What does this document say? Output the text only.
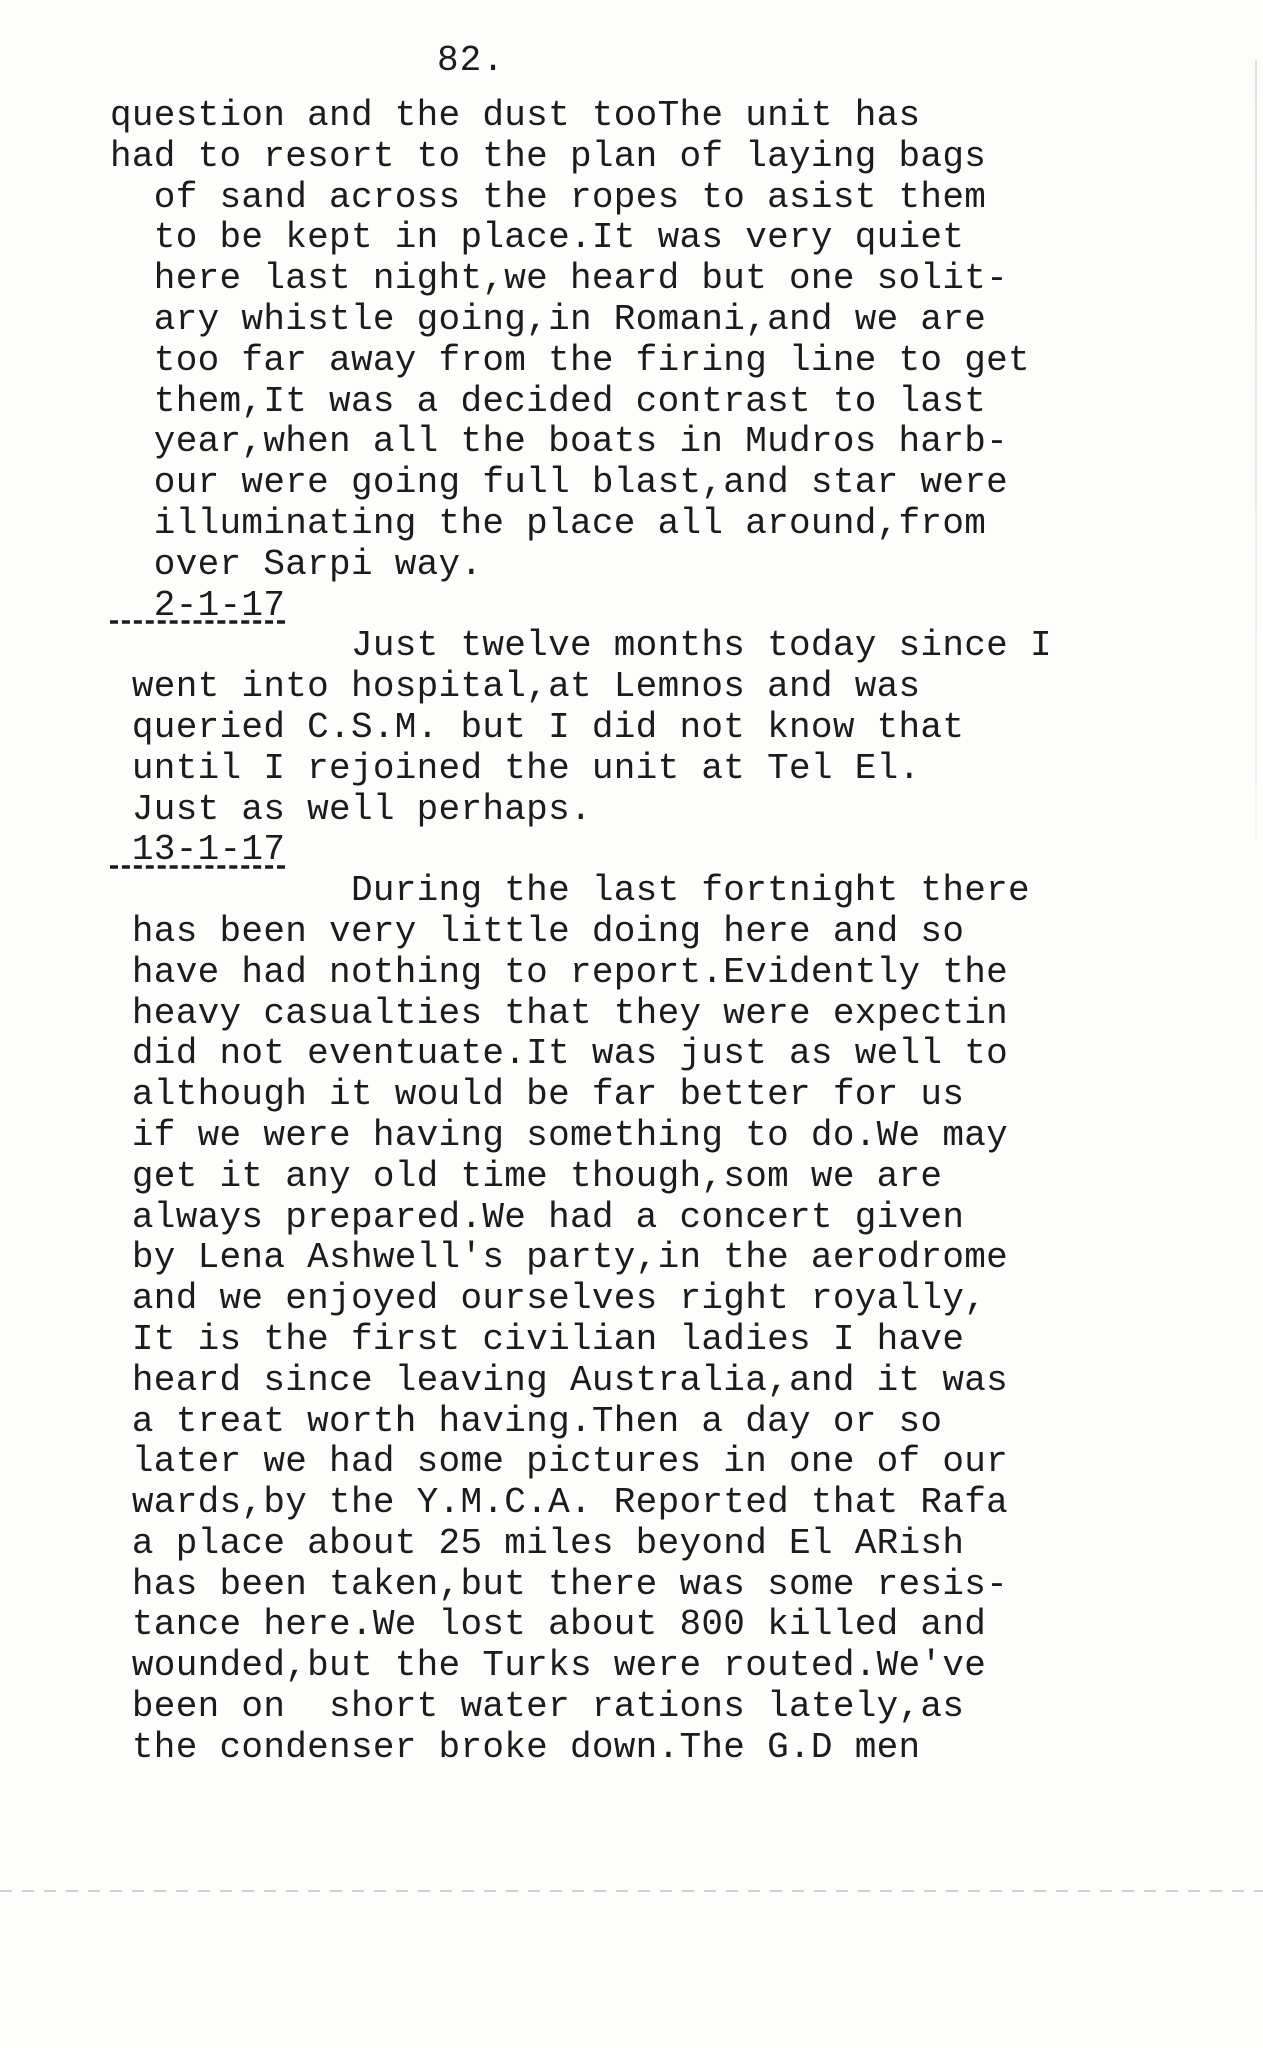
82.
question and the dust tooThe unit has
had to resort to the plan of laying bags
of sand across the ropes to asist them
to be kept in place.It was very quiet
here last night,we heard but one solit-
ary whistle going,in Romani,and we are
too far away from the firing line to get
them,It was a decided contrast to last
year,when all the boats in Mudros harb-
our were going full blast,and star were
illuminating the place all around,from
over Sarpi way.
2-1-17
Just twelve months today since I
went into hospital,at Lemnos and was
queried C.S.M. but I did not know that
until I rejoined the unit at Tel El.
Just as well perhaps.
13-1-17
During the last fortnight there
has been very little doing here and so
have had nothing to report.Evidently the
heavy casualties that they were expectin
did not eventuate.It was just as well to
although it would be far better for us
if we were having something to do.We may
get it any old time though,som we are
always prepared.We had a concert given
by Lena Ashwell's party,in the aerodrome
and we enjoyed ourselves right royally,
It is the first civilian ladies I have
heard since leaving Australia,and it was
a treat worth having.Then a day or so
later we had some pictures in one of our
wards,by the Y.M.C.A. Reported that Rafa
a place about 25 miles beyond El ARish
has been taken,but there was some resis-
tance here.We lost about 800 killed and
wounded,but the Turks were routed.We've
been on  short water rations lately,as
the condenser broke down.The G.D men
